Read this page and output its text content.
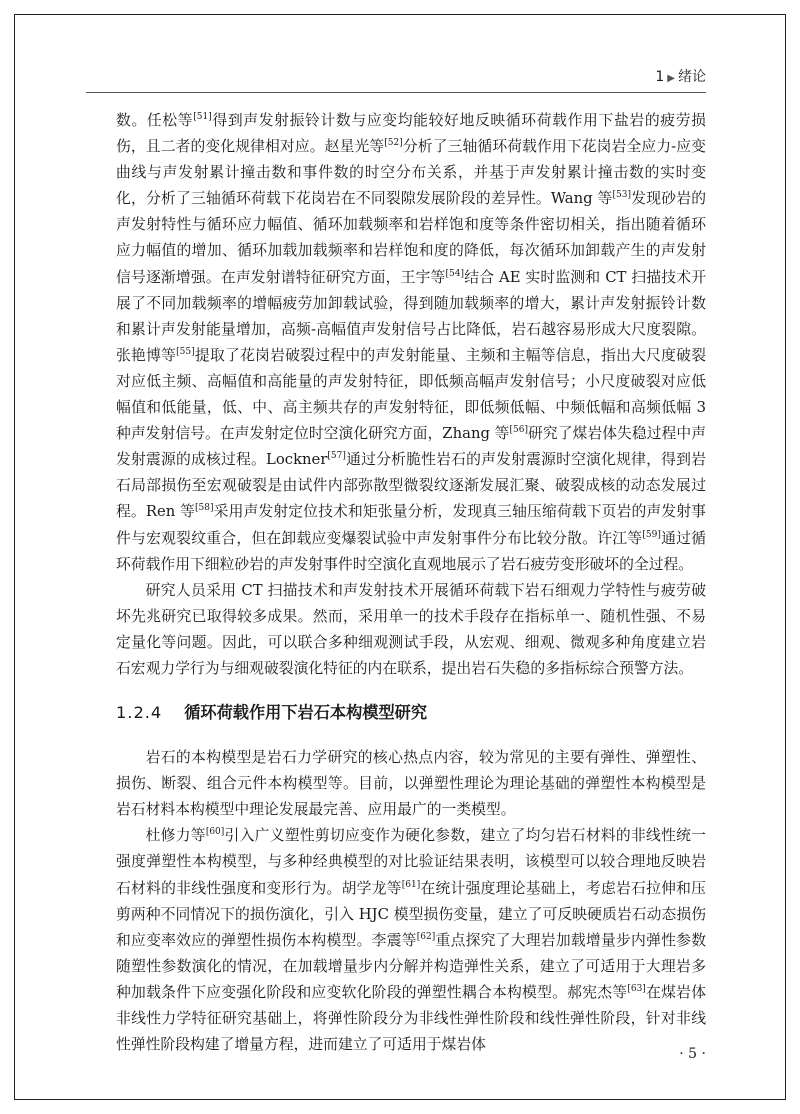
1 ▶ 绪论

数。任松等[51]得到声发射振铃计数与应变均能较好地反映循环荷载作用下盐岩的疲劳损伤，且二者的变化规律相对应。赵星光等[52]分析了三轴循环荷载作用下花岗岩全应力-应变曲线与声发射累计撞击数和事件数的时空分布关系，并基于声发射累计撞击数的实时变化，分析了三轴循环荷载下花岗岩在不同裂隙发展阶段的差异性。Wang 等[53]发现砂岩的声发射特性与循环应力幅值、循环加载频率和岩样饱和度等条件密切相关，指出随着循环应力幅值的增加、循环加载加载频率和岩样饱和度的降低，每次循环加卸载产生的声发射信号逐渐增强。在声发射谱特征研究方面，王宇等[54]结合 AE 实时监测和 CT 扫描技术开展了不同加载频率的增幅疲劳加卸载试验，得到随加载频率的增大，累计声发射振铃计数和累计声发射能量增加，高频-高幅值声发射信号占比降低，岩石越容易形成大尺度裂隙。张艳博等[55]提取了花岗岩破裂过程中的声发射能量、主频和主幅等信息，指出大尺度破裂对应低主频、高幅值和高能量的声发射特征，即低频高幅声发射信号；小尺度破裂对应低幅值和低能量，低、中、高主频共存的声发射特征，即低频低幅、中频低幅和高频低幅 3 种声发射信号。在声发射定位时空演化研究方面，Zhang 等[56]研究了煤岩体失稳过程中声发射震源的成核过程。Lockner[57]通过分析脆性岩石的声发射震源时空演化规律，得到岩石局部损伤至宏观破裂是由试件内部弥散型微裂纹逐渐发展汇聚、破裂成核的动态发展过程。Ren 等[58]采用声发射定位技术和矩张量分析，发现真三轴压缩荷载下页岩的声发射事件与宏观裂纹重合，但在卸载应变爆裂试验中声发射事件分布比较分散。许江等[59]通过循环荷载作用下细粒砂岩的声发射事件时空演化直观地展示了岩石疲劳变形破坏的全过程。

研究人员采用 CT 扫描技术和声发射技术开展循环荷载下岩石细观力学特性与疲劳破坏先兆研究已取得较多成果。然而，采用单一的技术手段存在指标单一、随机性强、不易定量化等问题。因此，可以联合多种细观测试手段，从宏观、细观、微观多种角度建立岩石宏观力学行为与细观破裂演化特征的内在联系，提出岩石失稳的多指标综合预警方法。

1.2.4 循环荷载作用下岩石本构模型研究

岩石的本构模型是岩石力学研究的核心热点内容，较为常见的主要有弹性、弹塑性、损伤、断裂、组合元件本构模型等。目前，以弹塑性理论为理论基础的弹塑性本构模型是岩石材料本构模型中理论发展最完善、应用最广的一类模型。

杜修力等[60]引入广义塑性剪切应变作为硬化参数，建立了均匀岩石材料的非线性统一强度弹塑性本构模型，与多种经典模型的对比验证结果表明，该模型可以较合理地反映岩石材料的非线性强度和变形行为。胡学龙等[61]在统计强度理论基础上，考虑岩石拉伸和压剪两种不同情况下的损伤演化，引入 HJC 模型损伤变量，建立了可反映硬质岩石动态损伤和应变率效应的弹塑性损伤本构模型。李震等[62]重点探究了大理岩加载增量步内弹性参数随塑性参数演化的情况，在加载增量步内分解并构造弹性关系，建立了可适用于大理岩多种加载条件下应变强化阶段和应变软化阶段的弹塑性耦合本构模型。郝宪杰等[63]在煤岩体非线性力学特征研究基础上，将弹性阶段分为非线性弹性阶段和线性弹性阶段，针对非线性弹性阶段构建了增量方程，进而建立了可适用于煤岩体

· 5 ·
